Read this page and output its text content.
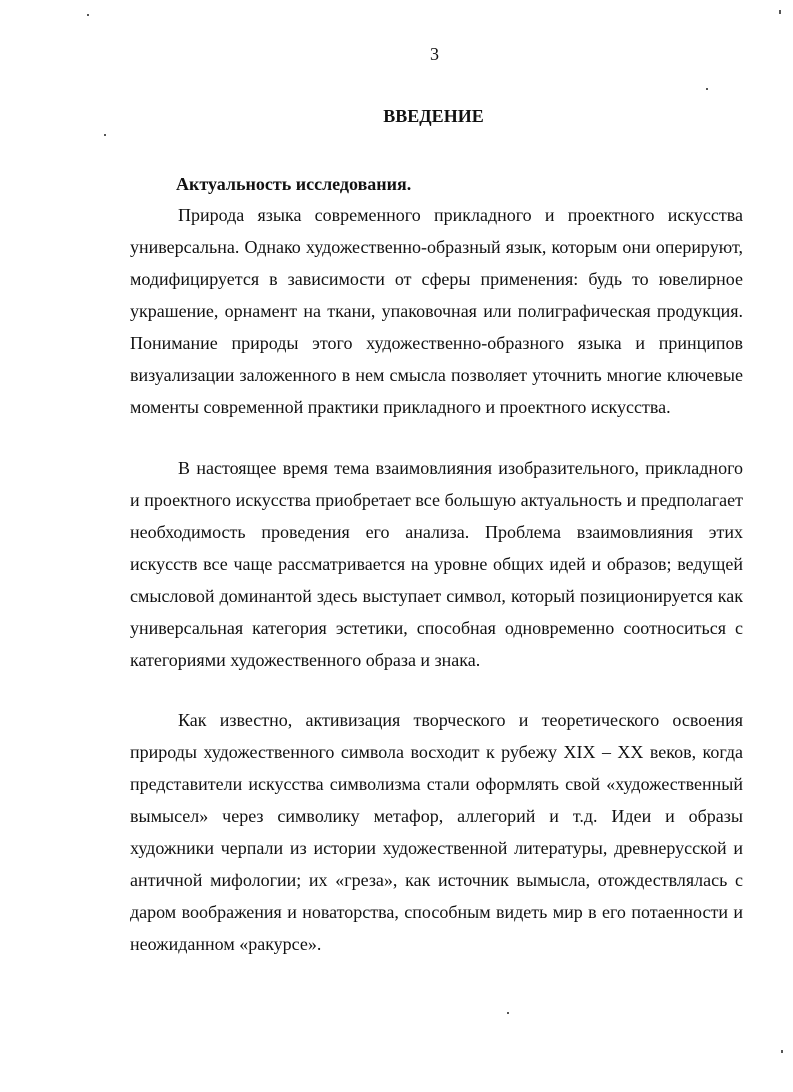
3
ВВЕДЕНИЕ
Актуальность исследования.

Природа языка современного прикладного и проектного искусства универсальна. Однако художественно-образный язык, которым они оперируют, модифицируется в зависимости от сферы применения: будь то ювелирное украшение, орнамент на ткани, упаковочная или полиграфическая продукция. Понимание природы этого художественно-образного языка и принципов визуализации заложенного в нем смысла позволяет уточнить многие ключевые моменты современной практики прикладного и проектного искусства.

В настоящее время тема взаимовлияния изобразительного, прикладного и проектного искусства приобретает все большую актуальность и предполагает необходимость проведения его анализа. Проблема взаимовлияния этих искусств все чаще рассматривается на уровне общих идей и образов; ведущей смысловой доминантой здесь выступает символ, который позиционируется как универсальная категория эстетики, способная одновременно соотноситься с категориями художественного образа и знака.

Как известно, активизация творческого и теоретического освоения природы художественного символа восходит к рубежу XIX – XX веков, когда представители искусства символизма стали оформлять свой «художественный вымысел» через символику метафор, аллегорий и т.д. Идеи и образы художники черпали из истории художественной литературы, древнерусской и античной мифологии; их «греза», как источник вымысла, отождествлялась с даром воображения и новаторства, способным видеть мир в его потаенности и неожиданном «ракурсе».
